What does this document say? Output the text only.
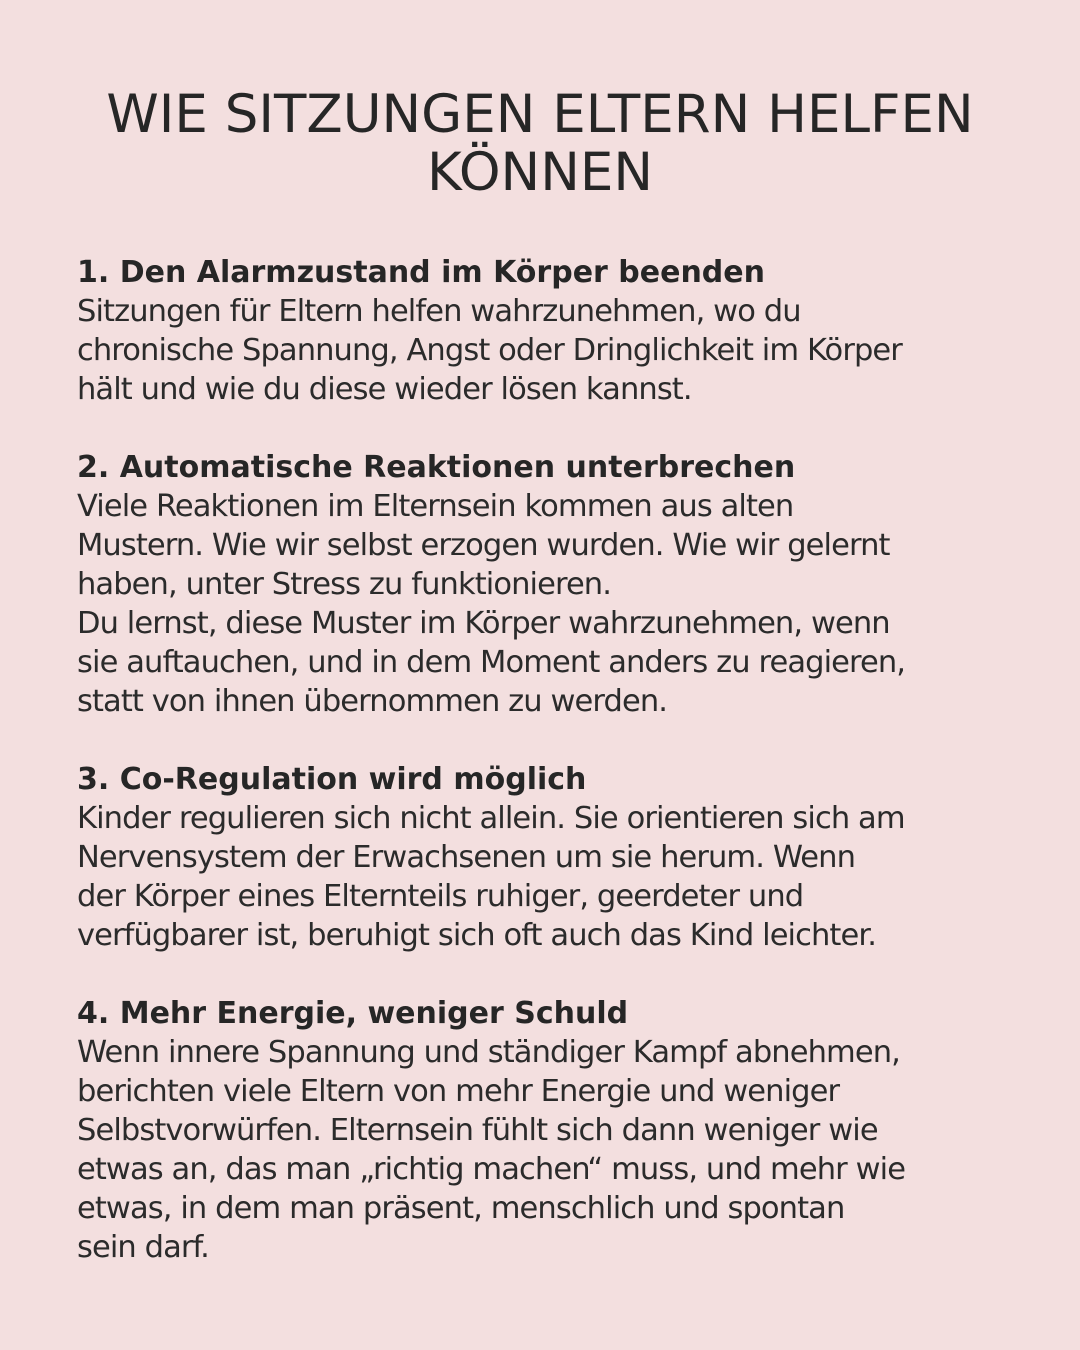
WIE SITZUNGEN ELTERN HELFEN
KÖNNEN
1. Den Alarmzustand im Körper beenden
Sitzungen für Eltern helfen wahrzunehmen, wo du
chronische Spannung, Angst oder Dringlichkeit im Körper
hält und wie du diese wieder lösen kannst.
2. Automatische Reaktionen unterbrechen
Viele Reaktionen im Elternsein kommen aus alten
Mustern. Wie wir selbst erzogen wurden. Wie wir gelernt
haben, unter Stress zu funktionieren.
Du lernst, diese Muster im Körper wahrzunehmen, wenn
sie auftauchen, und in dem Moment anders zu reagieren,
statt von ihnen übernommen zu werden.
3. Co-Regulation wird möglich
Kinder regulieren sich nicht allein. Sie orientieren sich am
Nervensystem der Erwachsenen um sie herum. Wenn
der Körper eines Elternteils ruhiger, geerdeter und
verfügbarer ist, beruhigt sich oft auch das Kind leichter.
4. Mehr Energie, weniger Schuld
Wenn innere Spannung und ständiger Kampf abnehmen,
berichten viele Eltern von mehr Energie und weniger
Selbstvorwürfen. Elternsein fühlt sich dann weniger wie
etwas an, das man „richtig machen“ muss, und mehr wie
etwas, in dem man präsent, menschlich und spontan
sein darf.
